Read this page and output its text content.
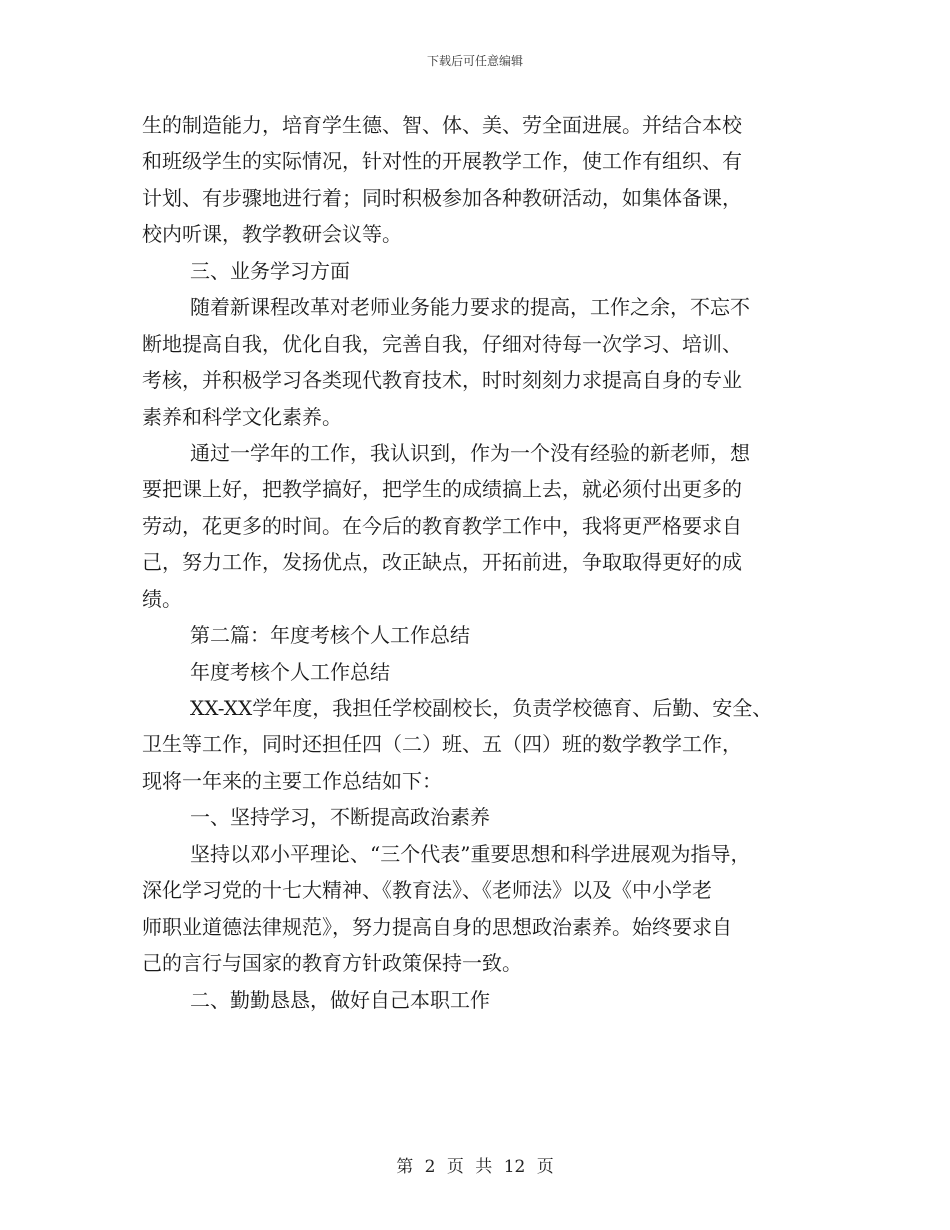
下载后可任意编辑
生的制造能力，培育学生德、智、体、美、劳全面进展。并结合本校
和班级学生的实际情况，针对性的开展教学工作，使工作有组织、有
计划、有步骤地进行着；同时积极参加各种教研活动，如集体备课，
校内听课，教学教研会议等。
三、业务学习方面
随着新课程改革对老师业务能力要求的提高，工作之余，不忘不
断地提高自我，优化自我，完善自我，仔细对待每一次学习、培训、
考核，并积极学习各类现代教育技术，时时刻刻力求提高自身的专业
素养和科学文化素养。
通过一学年的工作，我认识到，作为一个没有经验的新老师，想
要把课上好，把教学搞好，把学生的成绩搞上去，就必须付出更多的
劳动，花更多的时间。在今后的教育教学工作中，我将更严格要求自
己，努力工作，发扬优点，改正缺点，开拓前进，争取取得更好的成
绩。
第二篇：年度考核个人工作总结
年度考核个人工作总结
XX-XX学年度，我担任学校副校长，负责学校德育、后勤、安全、
卫生等工作，同时还担任四（二）班、五（四）班的数学教学工作，
现将一年来的主要工作总结如下：
一、坚持学习，不断提高政治素养
坚持以邓小平理论、“三个代表”重要思想和科学进展观为指导，
深化学习党的十七大精神、《教育法》、《老师法》以及《中小学老
师职业道德法律规范》，努力提高自身的思想政治素养。始终要求自
己的言行与国家的教育方针政策保持一致。
二、勤勤恳恳，做好自己本职工作
第 2 页 共 12 页
